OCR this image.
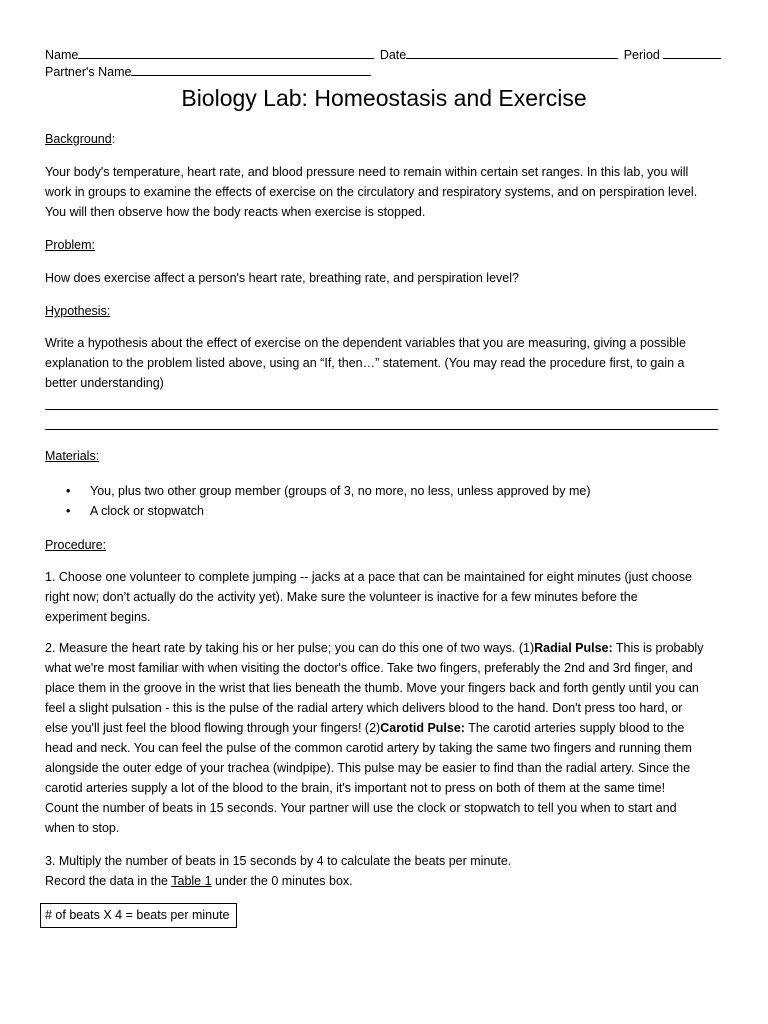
Name	Date	Period
Partner's Name
Biology Lab: Homeostasis and Exercise
Background:

Your body's temperature, heart rate, and blood pressure need to remain within certain set ranges. In this lab, you will

work in groups to examine the effects of exercise on the circulatory and respiratory systems, and on perspiration level.

You will then observe how the body reacts when exercise is stopped.

Problem:
How does exercise affect a person's heart rate, breathing rate, and perspiration level?
Hypothesis:

Write a hypothesis about the effect of exercise on the dependent variables that you are measuring, giving a possible

explanation to the problem listed above, using an “If, then…” statement. (You may read the procedure first, to gain a

better understanding)

Materials:
• You, plus two other group member (groups of 3, no more, no less, unless approved by me)
• A clock or stopwatch
Procedure:

1. Choose one volunteer to complete jumping -- jacks at a pace that can be maintained for eight minutes (just choose

right now; don’t actually do the activity yet). Make sure the volunteer is inactive for a few minutes before the

experiment begins.

2. Measure the heart rate by taking his or her pulse; you can do this one of two ways. (1)Radial Pulse: This is probably

what we're most familiar with when visiting the doctor's office. Take two fingers, preferably the 2nd and 3rd finger, and

place them in the groove in the wrist that lies beneath the thumb. Move your fingers back and forth gently until you can

feel a slight pulsation - this is the pulse of the radial artery which delivers blood to the hand. Don't press too hard, or

else you'll just feel the blood flowing through your fingers! (2)Carotid Pulse: The carotid arteries supply blood to the

head and neck. You can feel the pulse of the common carotid artery by taking the same two fingers and running them

alongside the outer edge of your trachea (windpipe). This pulse may be easier to find than the radial artery. Since the

carotid arteries supply a lot of the blood to the brain, it's important not to press on both of them at the same time!

Count the number of beats in 15 seconds. Your partner will use the clock or stopwatch to tell you when to start and

when to stop.

3. Multiply the number of beats in 15 seconds by 4 to calculate the beats per minute.

Record the data in the Table 1 under the 0 minutes box.

# of beats X 4 = beats per minute
